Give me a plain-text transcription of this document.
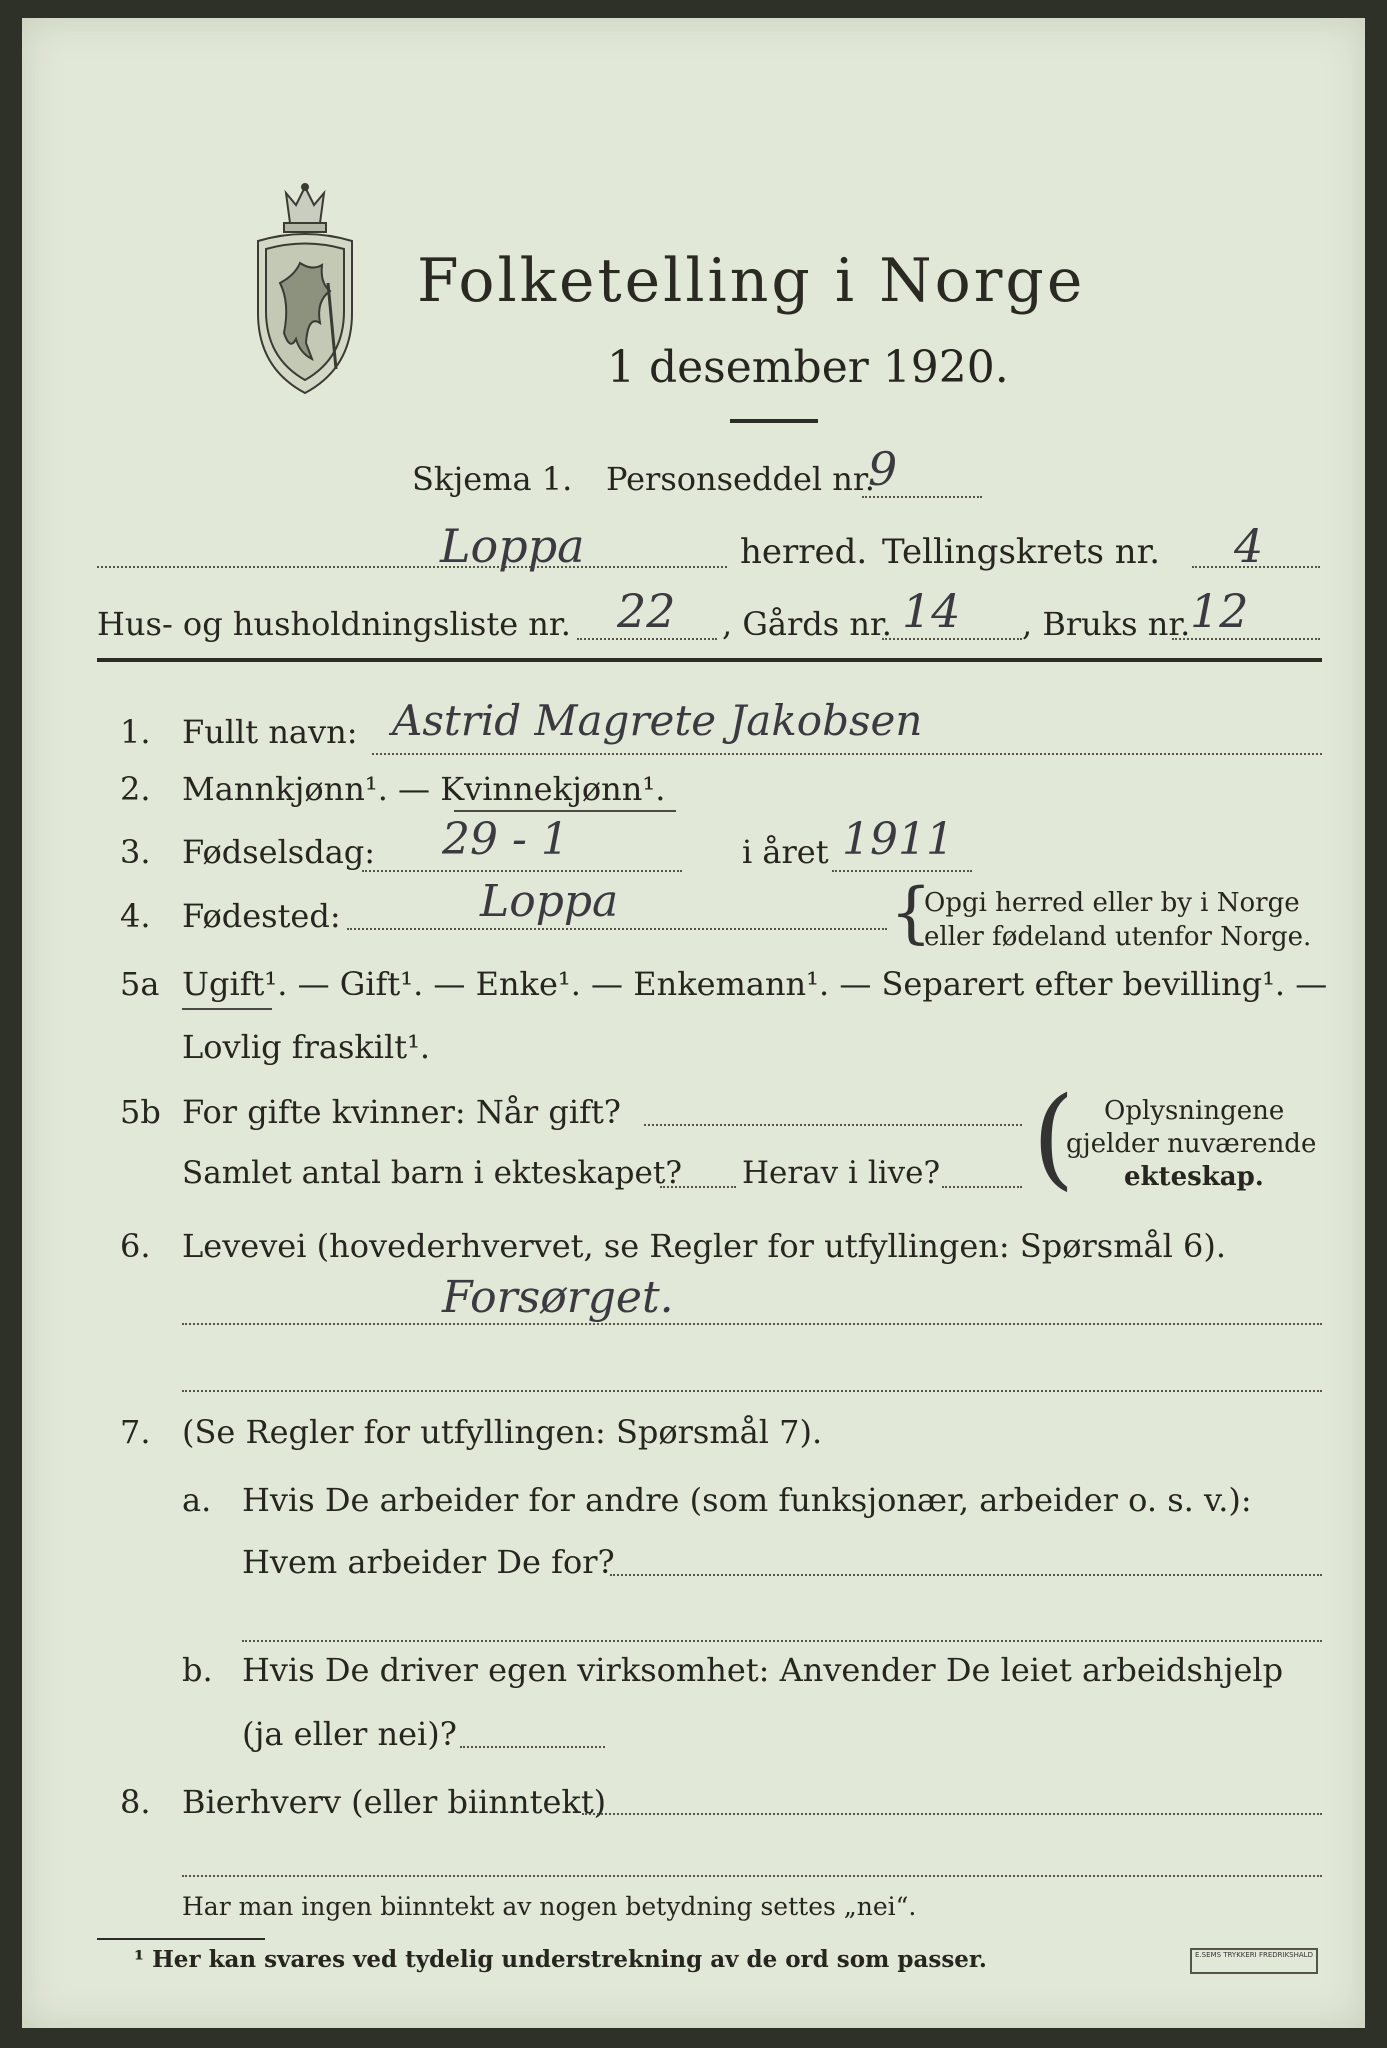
Folketelling i Norge
1 desember 1920.
Skjema 1. Personseddel nr.
9
Loppa	herred. Tellingskrets nr. 4
Hus- og husholdningsliste nr. 22 , Gårds nr. 14 , Bruks nr. 12
1. Fullt navn: Astrid Magrete Jakobsen
2. Mannkjønn¹. — Kvinnekjønn¹.
3. Fødselsdag: 29 - 1	i året 1911
4. Fødested:	Loppa	{
Opgi herred eller by i Norge
eller fødeland utenfor Norge.
5a Ugift¹. — Gift¹. — Enke¹. — Enkemann¹. — Separert efter bevilling¹. —
Lovlig fraskilt¹.
5b For gifte kvinner: Når gift?
Samlet antal barn i ekteskapet? Herav i live? ( Oplysningene
gjelder nuværende
ekteskap.
6. Levevei (hovederhvervet, se Regler for utfyllingen: Spørsmål 6).
Forsørget.
7. (Se Regler for utfyllingen: Spørsmål 7).
a. Hvis De arbeider for andre (som funksjonær, arbeider o. s. v.):
Hvem arbeider De for?
b. Hvis De driver egen virksomhet: Anvender De leiet arbeidshjelp
(ja eller nei)?
8. Bierhverv (eller biinntekt)
Har man ingen biinntekt av nogen betydning settes „nei“.
¹ Her kan svares ved tydelig understrekning av de ord som passer.	E.SEMS TRYKKERI FREDRIKSHALD
